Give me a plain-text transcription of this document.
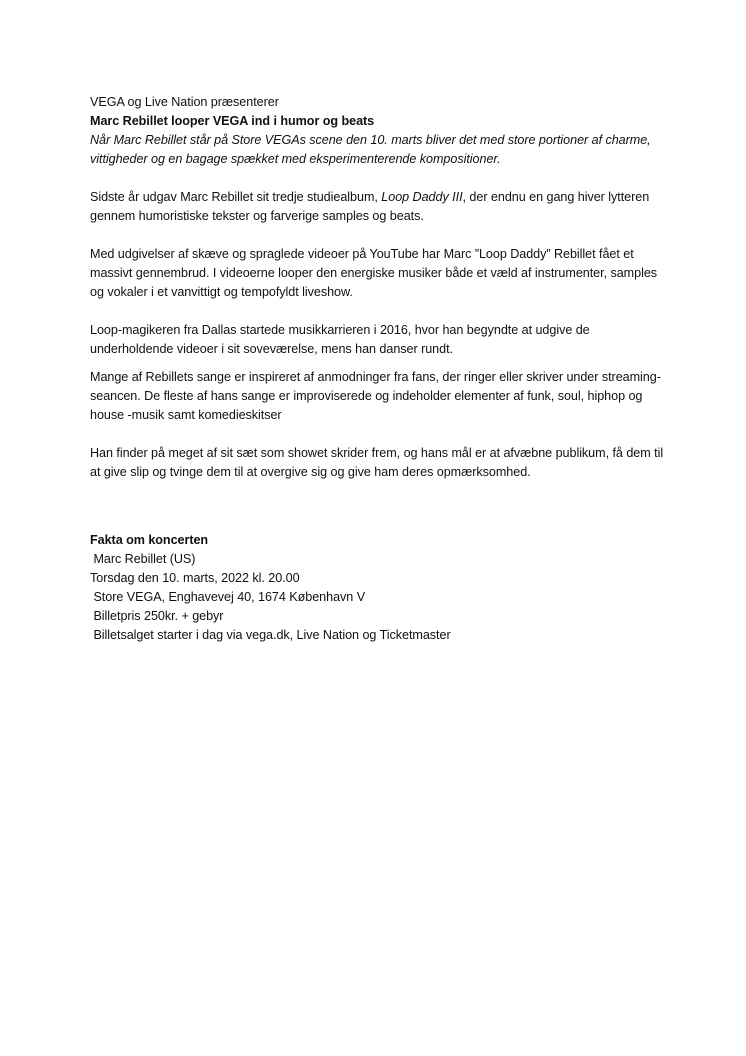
VEGA og Live Nation præsenterer

Marc Rebillet looper VEGA ind i humor og beats

Når Marc Rebillet står på Store VEGAs scene den 10. marts bliver det med store portioner af charme, vittigheder og en bagage spækket med eksperimenterende kompositioner.

Sidste år udgav Marc Rebillet sit tredje studiealbum, Loop Daddy III, der endnu en gang hiver lytteren gennem humoristiske tekster og farverige samples og beats.

Med udgivelser af skæve og spraglede videoer på YouTube har Marc ”Loop Daddy” Rebillet fået et massivt gennembrud. I videoerne looper den energiske musiker både et væld af instrumenter, samples og vokaler i et vanvittigt og tempofyldt liveshow.

Loop-magikeren fra Dallas startede musikkarrieren i 2016, hvor han begyndte at udgive de underholdende videoer i sit soveværelse, mens han danser rundt.

Mange af Rebillets sange er inspireret af anmodninger fra fans, der ringer eller skriver under streaming-seancen. De fleste af hans sange er improviserede og indeholder elementer af funk, soul, hiphop og house -musik samt komedieskitser

Han finder på meget af sit sæt som showet skrider frem, og hans mål er at afvæbne publikum, få dem til at give slip og tvinge dem til at overgive sig og give ham deres opmærksomhed.

Fakta om koncerten

Marc Rebillet (US)

Torsdag den 10. marts, 2022 kl. 20.00

Store VEGA, Enghavevej 40, 1674 København V

Billetpris 250kr. + gebyr

Billetsalget starter i dag via vega.dk, Live Nation og Ticketmaster
